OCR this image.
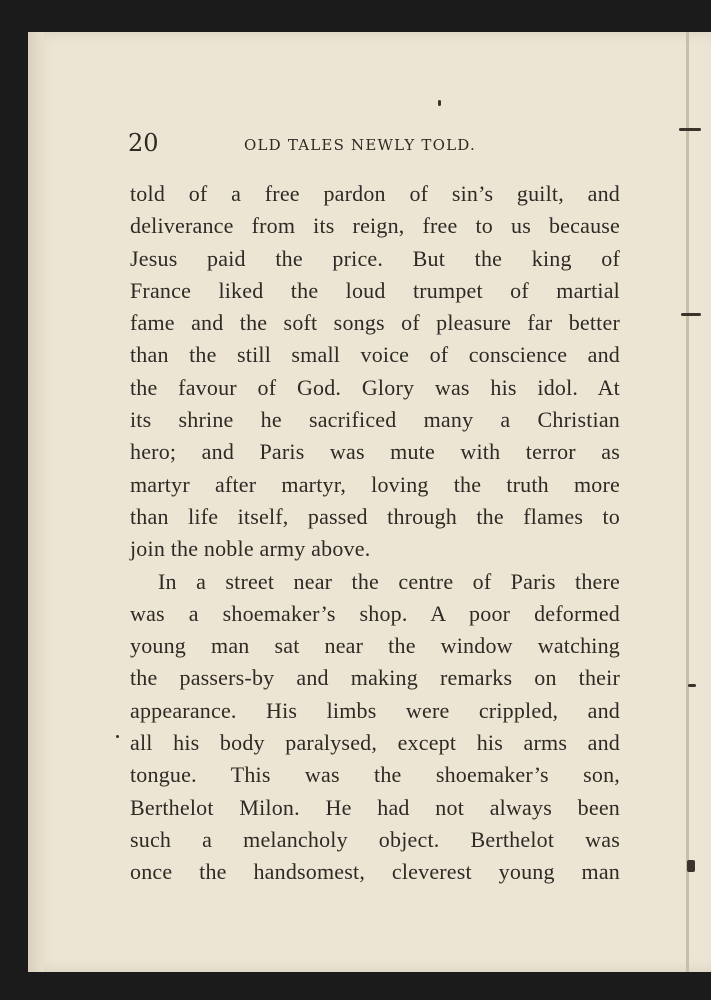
20	OLD TALES NEWLY TOLD.
told of a free pardon of sin’s guilt, and
deliverance from its reign, free to us because
Jesus paid the price. But the king of
France liked the loud trumpet of martial
fame and the soft songs of pleasure far better
than the still small voice of conscience and
the favour of God. Glory was his idol. At
its shrine he sacrificed many a Christian
hero; and Paris was mute with terror as
martyr after martyr, loving the truth more
than life itself, passed through the flames to
join the noble army above.
In a street near the centre of Paris there
was a shoemaker’s shop. A poor deformed
young man sat near the window watching
the passers-by and making remarks on their
appearance. His limbs were crippled, and
all his body paralysed, except his arms and
tongue. This was the shoemaker’s son,
Berthelot Milon. He had not always been
such a melancholy object. Berthelot was
once the handsomest, cleverest young man
